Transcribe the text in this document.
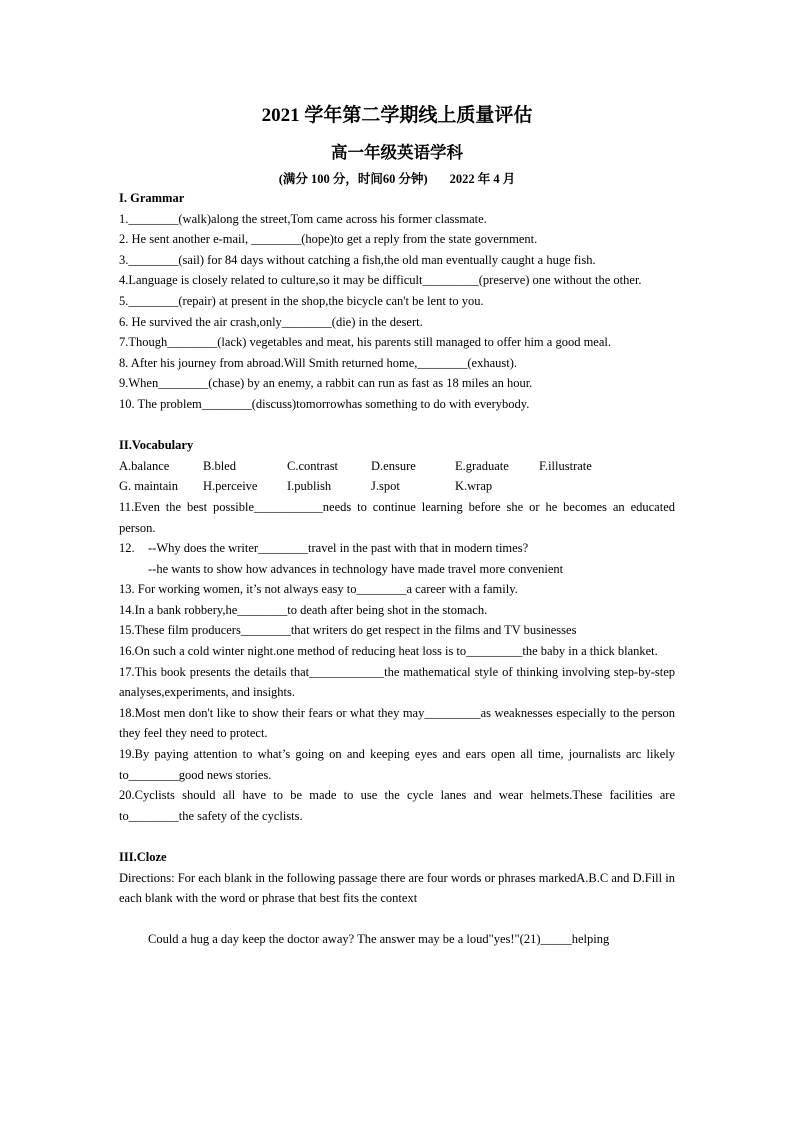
2021 学年第二学期线上质量评估
高一年级英语学科
(满分 100 分，时间60 分钟)       2022 年 4 月
I. Grammar
1.________(walk)along the street,Tom came across his former classmate.
2. He sent another e-mail, ________(hope)to get a reply from the state government.
3.________(sail) for 84 days without catching a fish,the old man eventually caught a huge fish.
4.Language is closely related to culture,so it may be difficult_________(preserve) one without the other.
5.________(repair) at present in the shop,the bicycle can't be lent to you.
6. He survived the air crash,only________(die) in the desert.
7.Though________(lack) vegetables and meat, his parents still managed to offer him a good meal.
8. After his journey from abroad.Will Smith returned home,________(exhaust).
9.When________(chase) by an enemy, a rabbit can run as fast as 18 miles an hour.
10. The problem________(discuss)tomorrowhas something to do with everybody.
II.Vocabulary
A.balance	B.bled	C.contrast	D.ensure	E.graduate	F.illustrate
G. maintain	H.perceive	I.publish	J.spot	K.wrap
11.Even the best possible___________needs to continue learning before she or he becomes an educated person.
12.	--Why does the writer________travel in the past with that in modern times?
--he wants to show how advances in technology have made travel more convenient
13. For working women, it’s not always easy to________a career with a family.
14.In a bank robbery,he________to death after being shot in the stomach.
15.These film producers________that writers do get respect in the films and TV businesses
16.On such a cold winter night.one method of reducing heat loss is to_________the baby in a thick blanket.
17.This book presents the details that____________the mathematical style of thinking involving step-by-step analyses,experiments, and insights.
18.Most men don't like to show their fears or what they may_________as weaknesses especially to the person they feel they need to protect.
19.By paying attention to what’s going on and keeping eyes and ears open all time, journalists arc likely to________good news stories.
20.Cyclists should all have to be made to use the cycle lanes and wear helmets.These facilities are to________the safety of the cyclists.
III.Cloze
Directions: For each blank in the following passage there are four words or phrases markedA.B.C and D.Fill in each blank with the word or phrase that best fits the context
Could a hug a day keep the doctor away? The answer may be a loud"yes!"(21)_____helping
